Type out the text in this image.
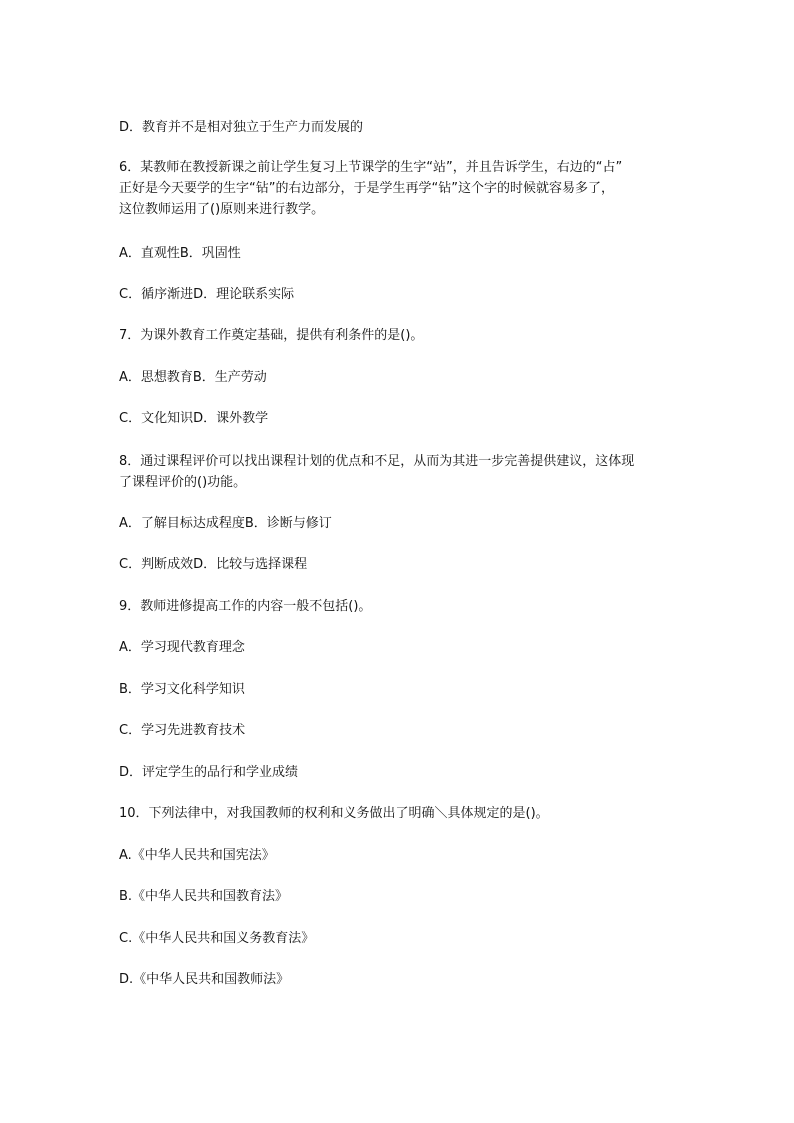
D．教育并不是相对独立于生产力而发展的

6．某教师在教授新课之前让学生复习上节课学的生字“站”，并且告诉学生，右边的“占”

正好是今天要学的生字“钻”的右边部分，于是学生再学“钻”这个字的时候就容易多了，

这位教师运用了()原则来进行教学。

A．直观性B．巩固性
C．循序渐进D．理论联系实际
7．为课外教育工作奠定基础，提供有利条件的是()。
A．思想教育B．生产劳动
C．文化知识D．课外教学

8．通过课程评价可以找出课程计划的优点和不足，从而为其进一步完善提供建议，这体现

了课程评价的()功能。

A．了解目标达成程度B．诊断与修订
C．判断成效D．比较与选择课程
9．教师进修提高工作的内容一般不包括()。
A．学习现代教育理念
B．学习文化科学知识
C．学习先进教育技术
D．评定学生的品行和学业成绩
10．下列法律中，对我国教师的权利和义务做出了明确＼具体规定的是()。
A.《中华人民共和国宪法》
B.《中华人民共和国教育法》
C.《中华人民共和国义务教育法》
D.《中华人民共和国教师法》
